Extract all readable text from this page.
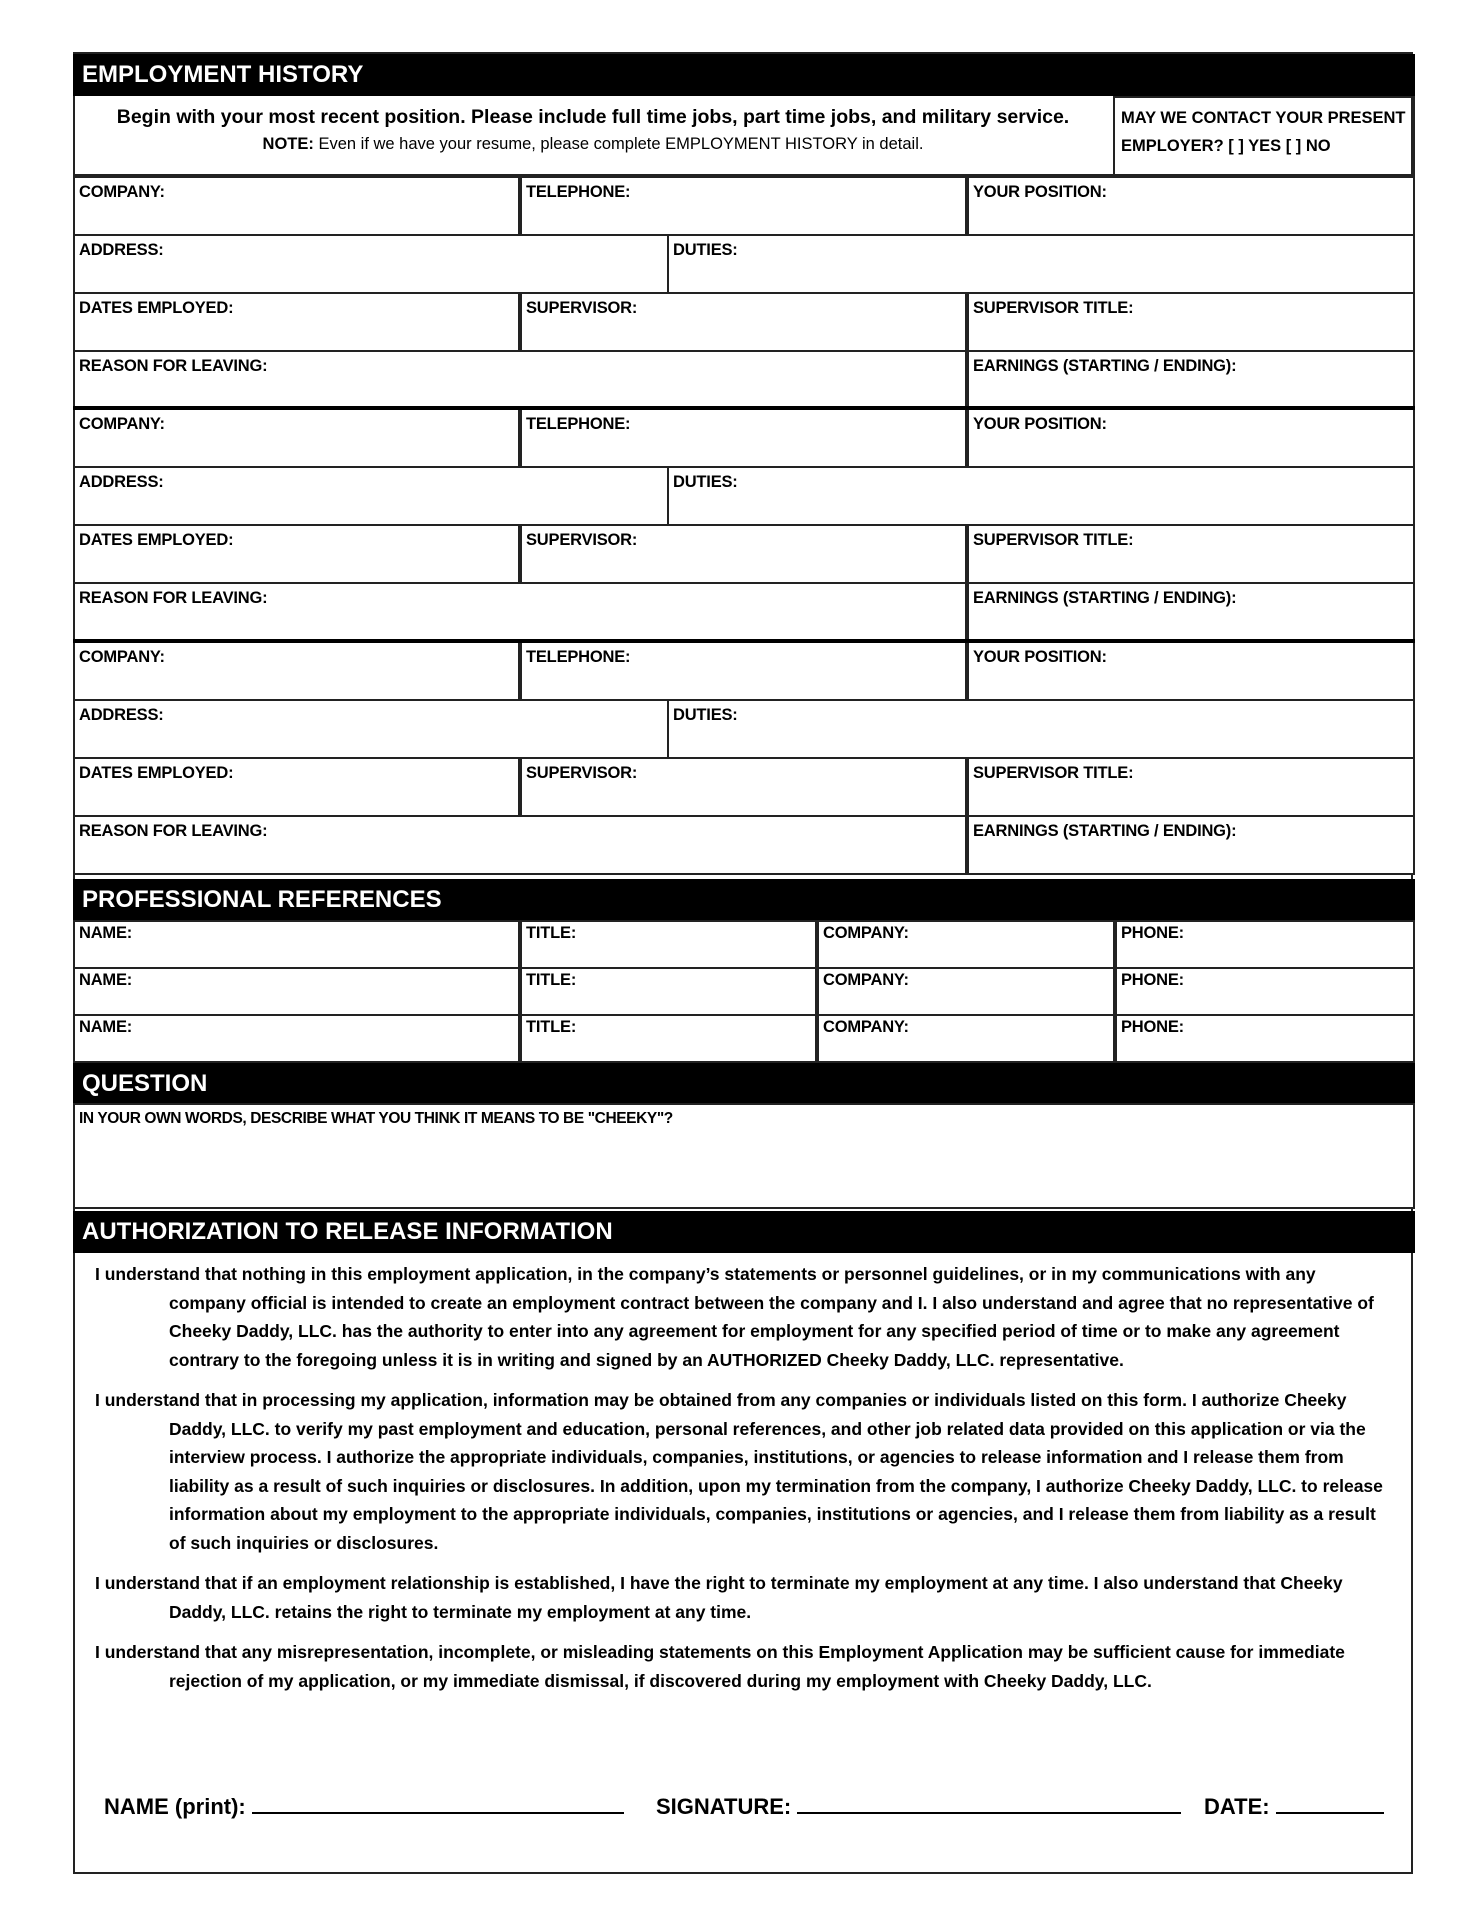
EMPLOYMENT HISTORY
Begin with your most recent position. Please include full time jobs, part time jobs, and military service.
NOTE: Even if we have your resume, please complete EMPLOYMENT HISTORY in detail.
MAY WE CONTACT YOUR PRESENT
EMPLOYER? [ ] YES [ ] NO
COMPANY:	TELEPHONE:	YOUR POSITION:
ADDRESS:	DUTIES:
DATES EMPLOYED:	SUPERVISOR:	SUPERVISOR TITLE:
REASON FOR LEAVING:	EARNINGS (STARTING / ENDING):
COMPANY:	TELEPHONE:	YOUR POSITION:
ADDRESS:	DUTIES:
DATES EMPLOYED:	SUPERVISOR:	SUPERVISOR TITLE:
REASON FOR LEAVING:	EARNINGS (STARTING / ENDING):
COMPANY:	TELEPHONE:	YOUR POSITION:
ADDRESS:	DUTIES:
DATES EMPLOYED:	SUPERVISOR:	SUPERVISOR TITLE:
REASON FOR LEAVING:	EARNINGS (STARTING / ENDING):
PROFESSIONAL REFERENCES
NAME:	TITLE:	COMPANY:	PHONE:
NAME:	TITLE:	COMPANY:	PHONE:
NAME:	TITLE:	COMPANY:	PHONE:
QUESTION
IN YOUR OWN WORDS, DESCRIBE WHAT YOU THINK IT MEANS TO BE "CHEEKY"?
AUTHORIZATION TO RELEASE INFORMATION

I understand that nothing in this employment application, in the company’s statements or personnel guidelines, or in my communications with any company official is intended to create an employment contract between the company and I. I also understand and agree that no representative of Cheeky Daddy, LLC. has the authority to enter into any agreement for employment for any specified period of time or to make any agreement contrary to the foregoing unless it is in writing and signed by an AUTHORIZED Cheeky Daddy, LLC. representative.

I understand that in processing my application, information may be obtained from any companies or individuals listed on this form. I authorize Cheeky Daddy, LLC. to verify my past employment and education, personal references, and other job related data provided on this application or via the interview process. I authorize the appropriate individuals, companies, institutions, or agencies to release information and I release them from liability as a result of such inquiries or disclosures. In addition, upon my termination from the company, I authorize Cheeky Daddy, LLC. to release information about my employment to the appropriate individuals, companies, institutions or agencies, and I release them from liability as a result of such inquiries or disclosures.

I understand that if an employment relationship is established, I have the right to terminate my employment at any time. I also understand that Cheeky Daddy, LLC. retains the right to terminate my employment at any time.

I understand that any misrepresentation, incomplete, or misleading statements on this Employment Application may be sufficient cause for immediate rejection of my application, or my immediate dismissal, if discovered during my employment with Cheeky Daddy, LLC.

NAME (print):	SIGNATURE:	DATE:
